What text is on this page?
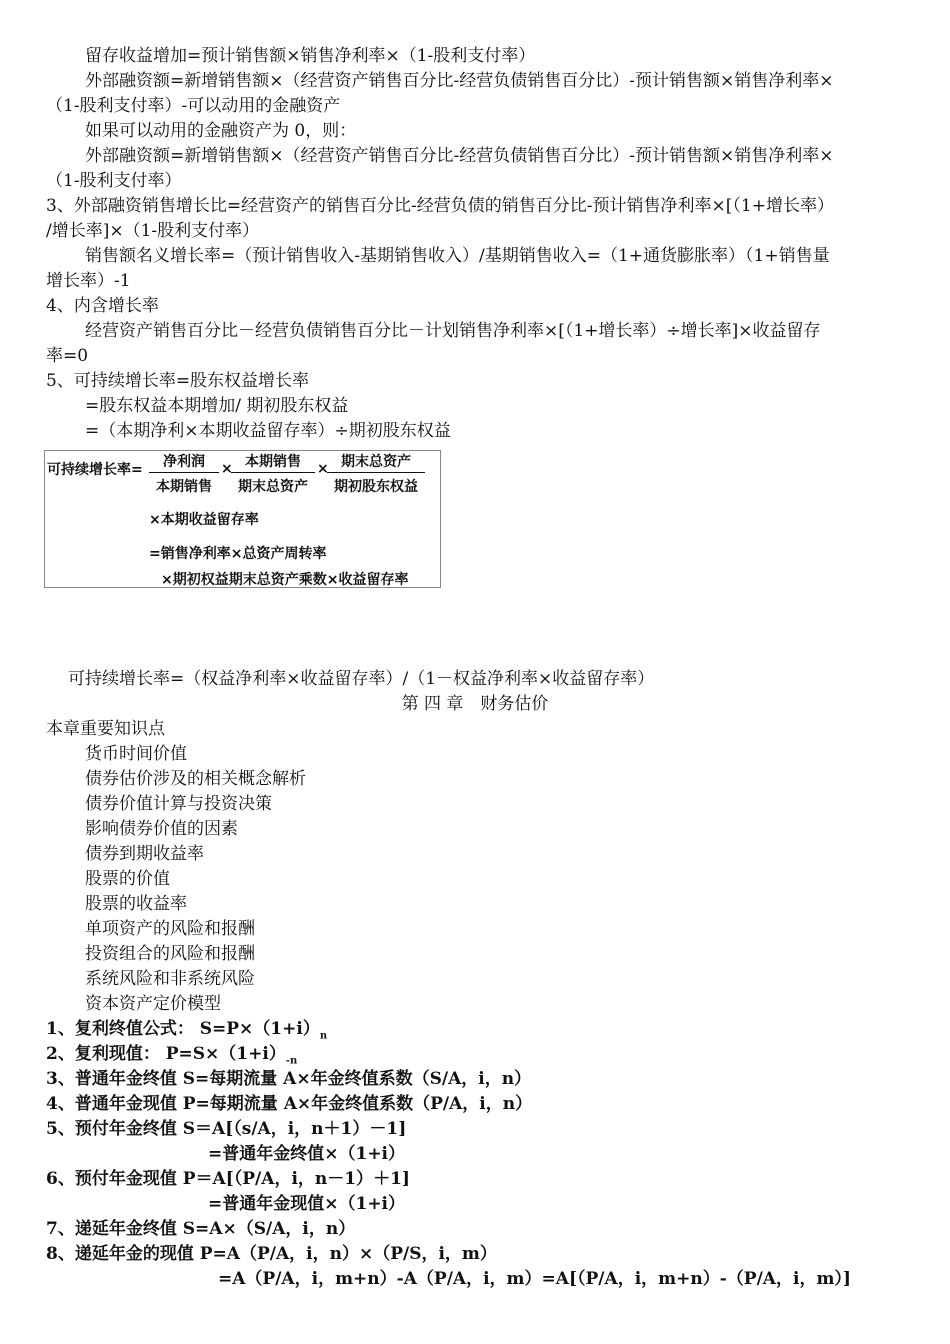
留存收益增加=预计销售额×销售净利率×（1-股利支付率）
外部融资额=新增销售额×（经营资产销售百分比-经营负债销售百分比）-预计销售额×销售净利率×
（1-股利支付率）-可以动用的金融资产
如果可以动用的金融资产为 0，则：
外部融资额=新增销售额×（经营资产销售百分比-经营负债销售百分比）-预计销售额×销售净利率×
（1-股利支付率）
3、外部融资销售增长比=经营资产的销售百分比-经营负债的销售百分比-预计销售净利率×[（1+增长率）
/增长率]×（1-股利支付率）
销售额名义增长率=（预计销售收入-基期销售收入）/基期销售收入=（1+通货膨胀率）（1+销售量
增长率）-1
4、内含增长率
经营资产销售百分比－经营负债销售百分比－计划销售净利率×[（1+增长率）÷增长率]×收益留存
率=0
5、可持续增长率=股东权益增长率
=股东权益本期增加/ 期初股东权益
=（本期净利×本期收益留存率）÷期初股东权益
可持续增长率=	净利润
本期销售
× 本期销售
期末总资产
× 期末总资产
期初股东权益
×本期收益留存率
=销售净利率×总资产周转率
×期初权益期末总资产乘数×收益留存率
可持续增长率=（权益净利率×收益留存率）/（1－权益净利率×收益留存率）
第 四 章　财务估价
本章重要知识点
货币时间价值
债券估价涉及的相关概念解析
债券价值计算与投资决策
影响债券价值的因素
债券到期收益率
股票的价值
股票的收益率
单项资产的风险和报酬
投资组合的风险和报酬
系统风险和非系统风险
资本资产定价模型
1、复利终值公式： $S=P\times(1+i)_n$
2、复利现值： $P=S\times(1+i)_{-n}$
3、普通年金终值 S=每期流量 A×年金终值系数（S/A，i，n）
4、普通年金现值 P=每期流量 A×年金终值系数（P/A，i，n）
5、预付年金终值 S＝A[（s/A，i，n＋1）－1]
=普通年金终值×（1+i）
6、预付年金现值 P＝A[（P/A，i，n－1）＋1]
=普通年金现值×（1+i）
7、递延年金终值 S=A×（S/A，i，n）
8、递延年金的现值 P=A（P/A，i，n）×（P/S，i，m）
=A（P/A，i，m+n）-A（P/A，i，m）=A[（P/A，i，m+n）-（P/A，i，m）]
